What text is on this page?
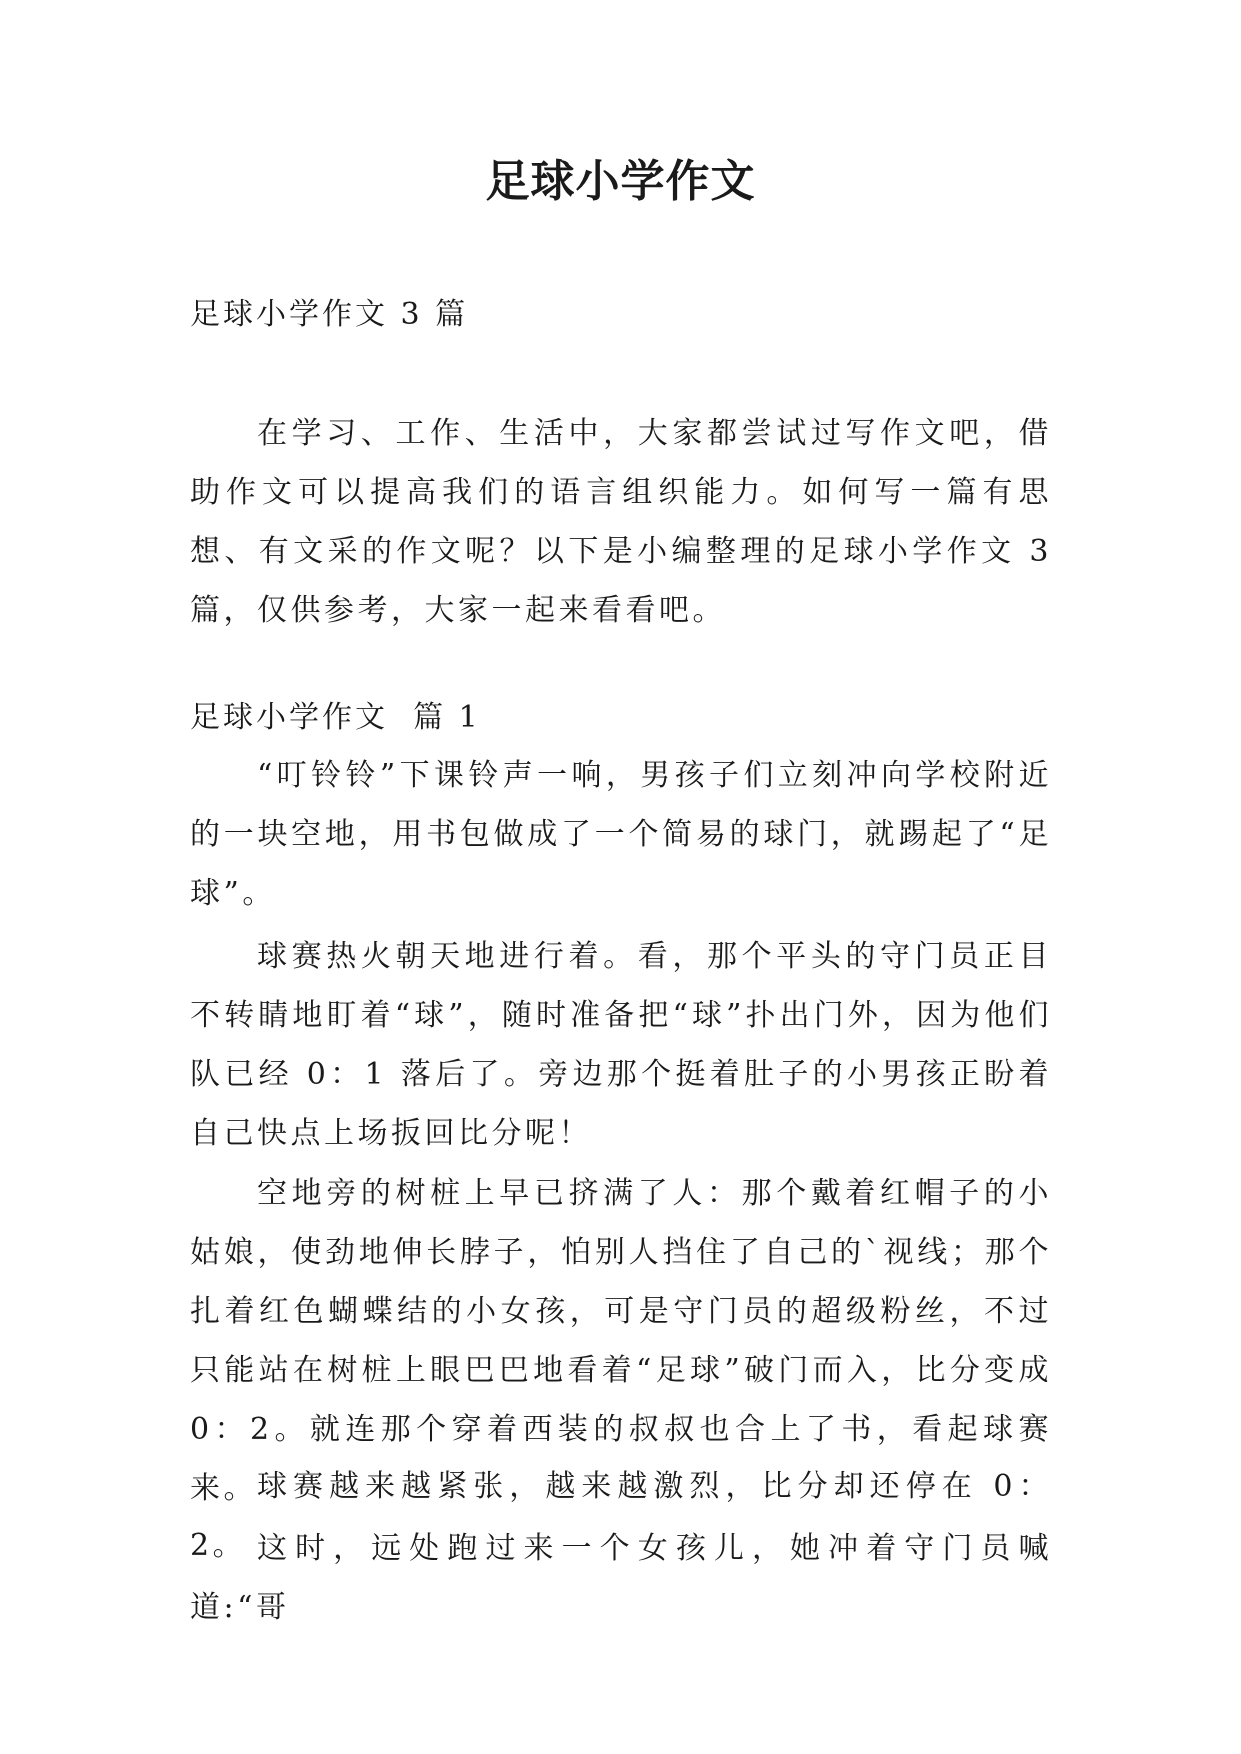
足球小学作文
足球小学作文 3 篇

在学习、工作、生活中，大家都尝试过写作文吧，借助作文可以提高我们的语言组织能力。如何写一篇有思想、有文采的作文呢？以下是小编整理的足球小学作文 3 篇，仅供参考，大家一起来看看吧。

足球小学作文  篇 1

“叮铃铃”下课铃声一响，男孩子们立刻冲向学校附近的一块空地，用书包做成了一个简易的球门，就踢起了“足球”。

球赛热火朝天地进行着。看，那个平头的守门员正目不转睛地盯着“球”，随时准备把“球”扑出门外，因为他们队已经 0：1 落后了。旁边那个挺着肚子的小男孩正盼着自己快点上场扳回比分呢！

空地旁的树桩上早已挤满了人：那个戴着红帽子的小姑娘，使劲地伸长脖子，怕别人挡住了自己的`视线；那个扎着红色蝴蝶结的小女孩，可是守门员的超级粉丝，不过只能站在树桩上眼巴巴地看着“足球”破门而入，比分变成 0：2。就连那个穿着西装的叔叔也合上了书，看起球赛来。 球赛越来越紧张，越来越激烈，比分却还停在 0：2。 这时，远处跑过来一个女孩儿，她冲着守门员喊道:“哥
